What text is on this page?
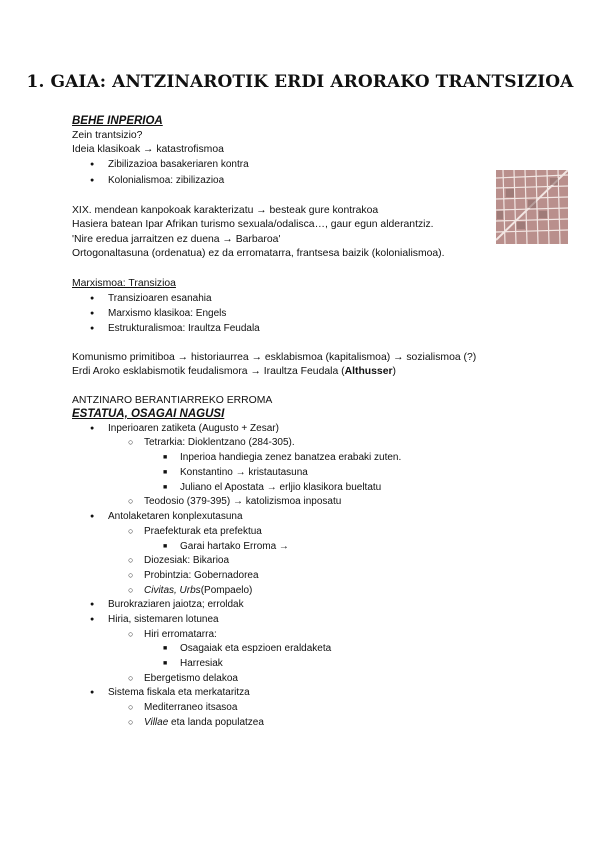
1. GAIA: ANTZINAROTIK ERDI ARORAKO TRANTSIZIOA
BEHE INPERIOA
Zein trantsizio?
Ideia klasikoak → katastrofismoa
● Zibilizazioa basakeriaren kontra
● Kolonialismoa: zibilizazioa
XIX. mendean kanpokoak karakterizatu → besteak gure kontrakoa
Hasiera batean Ipar Afrikan turismo sexuala/odalisca…, gaur egun alderantziz.
'Nire eredua jarraitzen ez duena → Barbaroa'
Ortogonaltasuna (ordenatua) ez da erromatarra, frantsesa baizik (kolonialismoa).
Marxismoa: Transizioa
● Transizioaren esanahia
● Marxismo klasikoa: Engels
● Estrukturalismoa: Iraultza Feudala
Komunismo primitiboa → historiaurrea → esklabismoa (kapitalismoa) → sozialismoa (?)
Erdi Aroko esklabismotik feudalismora → Iraultza Feudala (Althusser)
ANTZINARO BERANTIARREKO ERROMA
ESTATUA, OSAGAI NAGUSI
● Inperioaren zatiketa (Augusto + Zesar)
○ Tetrarkia: Dioklentzano (284-305).
■ Inperioa handiegia zenez banatzea erabaki zuten.
■ Konstantino → kristautasuna
■ Juliano el Apostata → erljio klasikora bueltatu
○ Teodosio (379-395) → katolizismoa inposatu
● Antolaketaren konplexutasuna
○ Praefekturak eta prefektua
■ Garai hartako Erroma →
○ Diozesiak: Bikarioa
○ Probintzia: Gobernadorea
○ Civitas, Urbs(Pompaelo)
● Burokraziaren jaiotza; erroldak
● Hiria, sistemaren lotunea
○ Hiri erromatarra:
■ Osagaiak eta espzioen eraldaketa
■ Harresiak
○ Ebergetismo delakoa
● Sistema fiskala eta merkataritza
○ Mediterraneo itsasoa
○ Villae eta landa populatzea
